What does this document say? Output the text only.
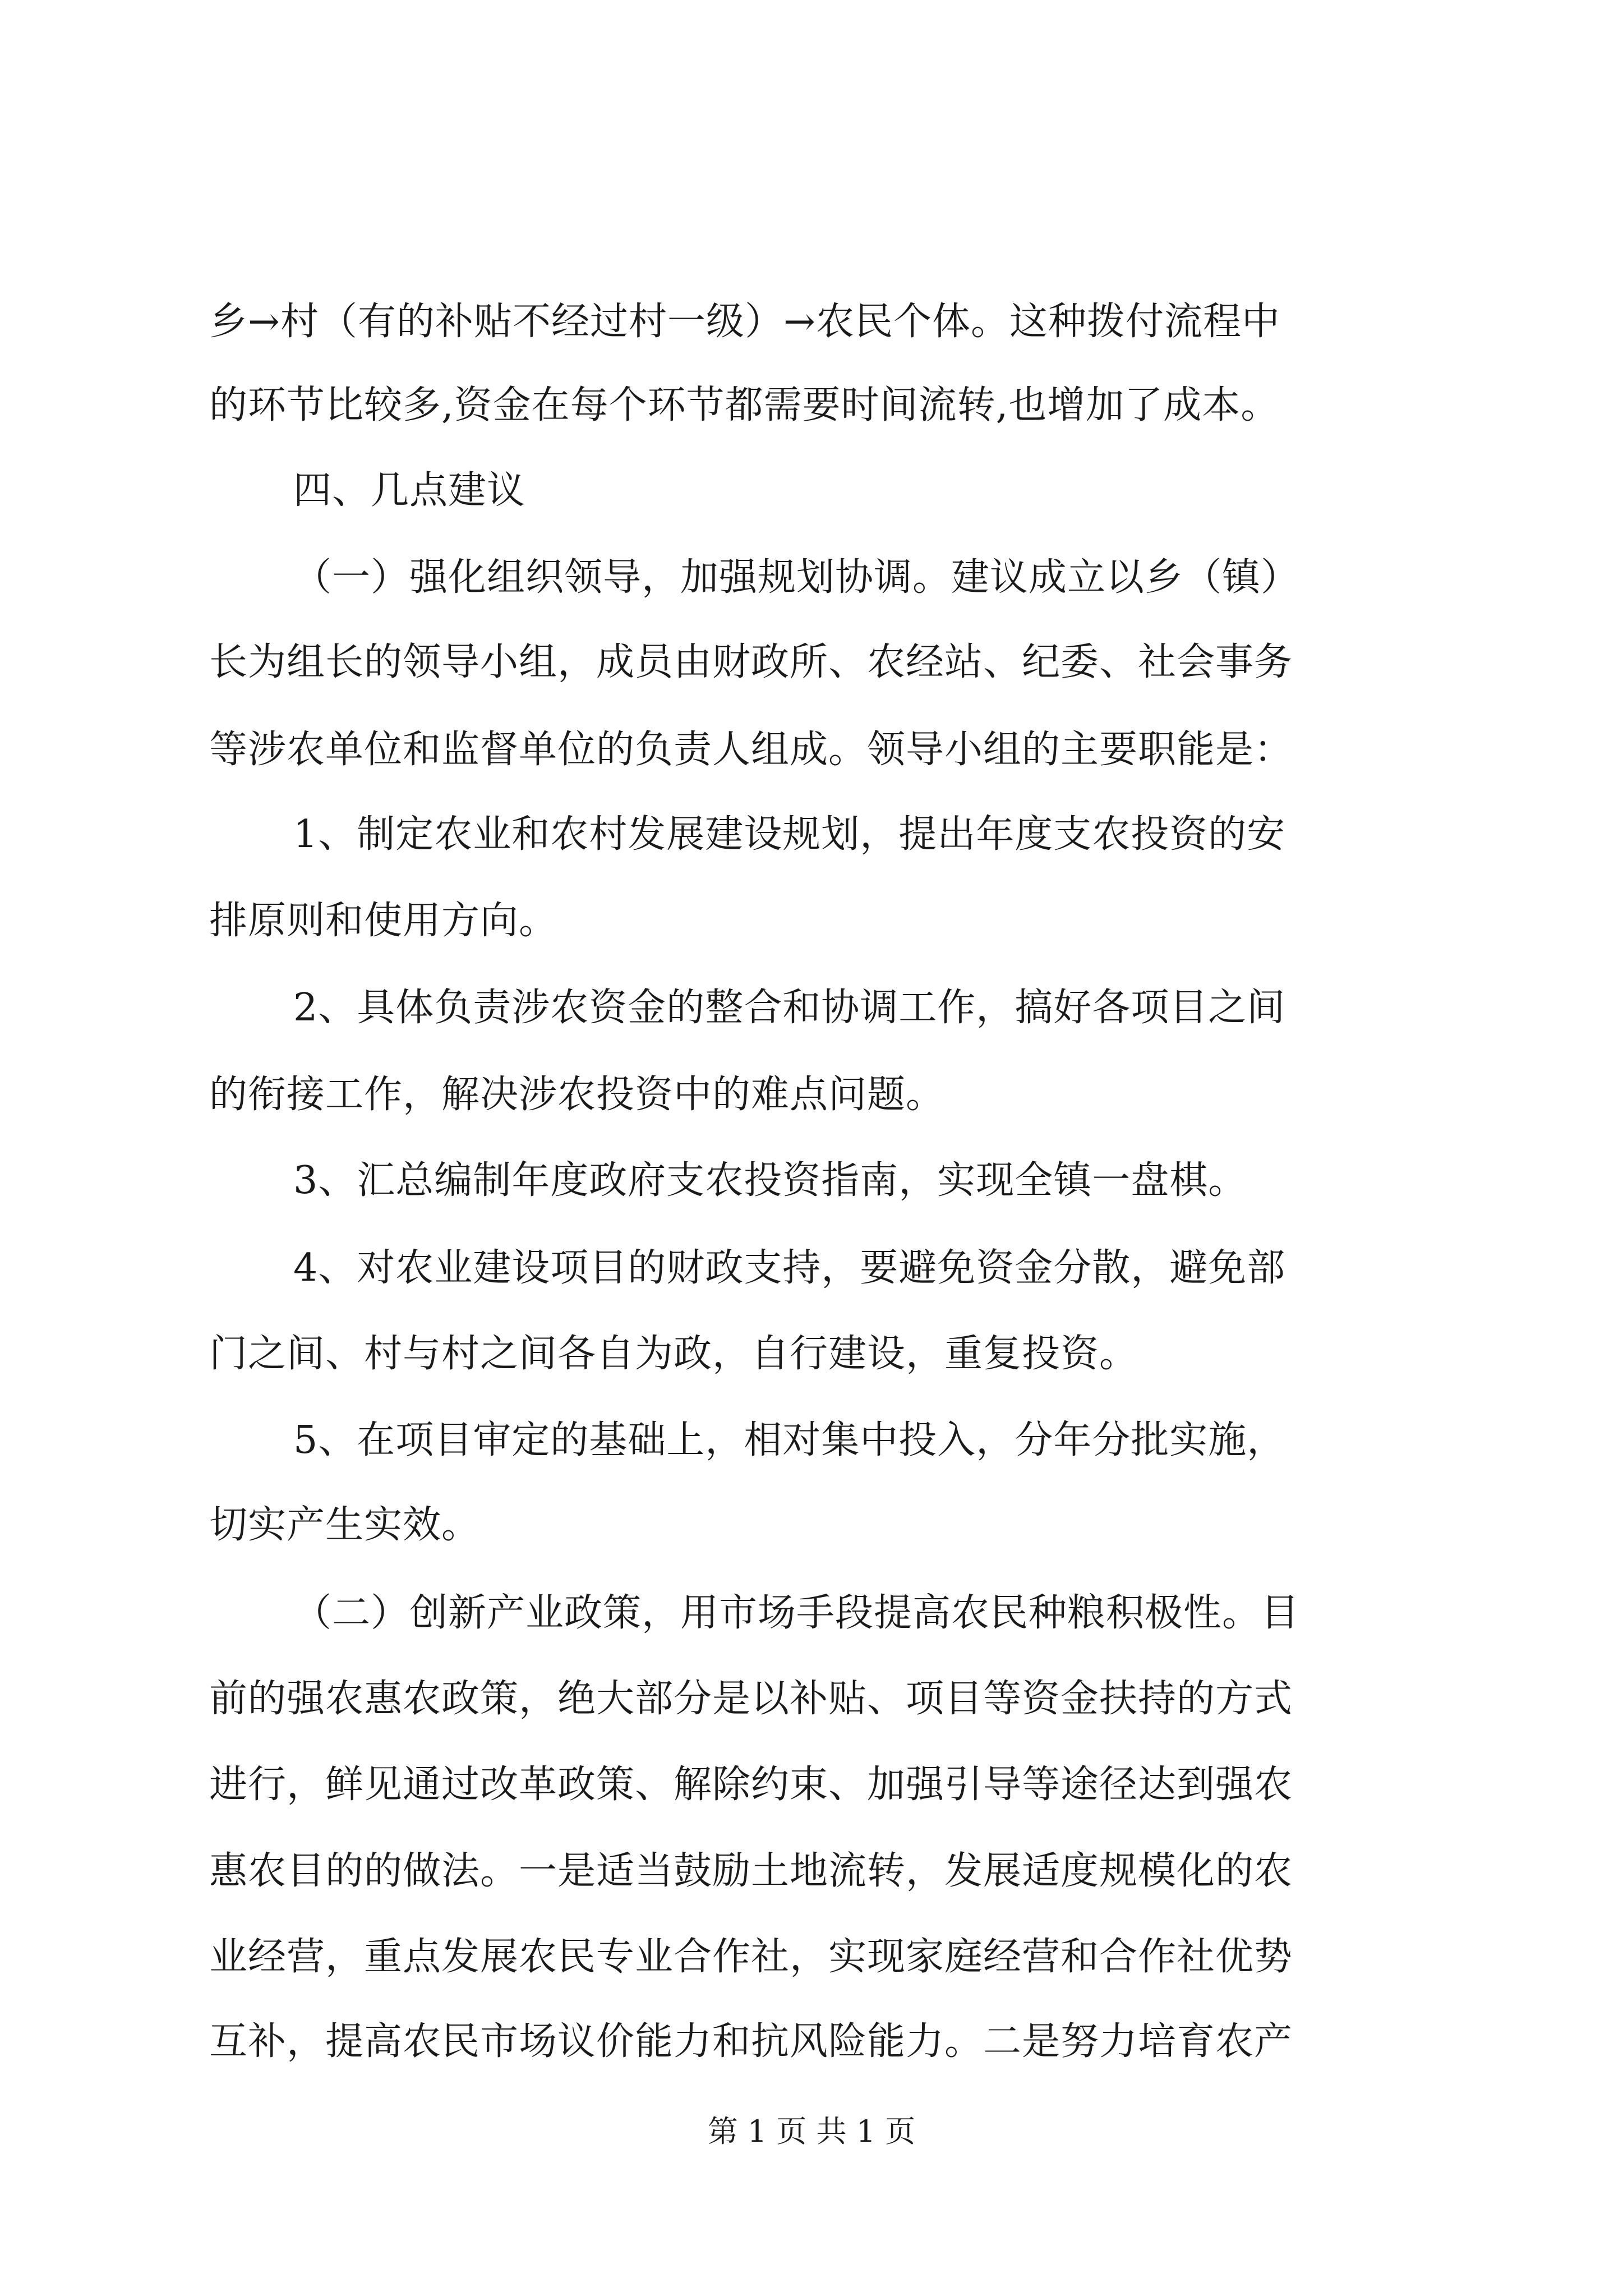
乡→村（有的补贴不经过村一级）→农民个体。这种拨付流程中
的环节比较多,资金在每个环节都需要时间流转,也增加了成本。
四、几点建议
（一）强化组织领导，加强规划协调。建议成立以乡（镇）
长为组长的领导小组，成员由财政所、农经站、纪委、社会事务
等涉农单位和监督单位的负责人组成。领导小组的主要职能是：
1、制定农业和农村发展建设规划，提出年度支农投资的安
排原则和使用方向。
2、具体负责涉农资金的整合和协调工作，搞好各项目之间
的衔接工作，解决涉农投资中的难点问题。
3、汇总编制年度政府支农投资指南，实现全镇一盘棋。
4、对农业建设项目的财政支持，要避免资金分散，避免部
门之间、村与村之间各自为政，自行建设，重复投资。
5、在项目审定的基础上，相对集中投入，分年分批实施，
切实产生实效。
（二）创新产业政策，用市场手段提高农民种粮积极性。目
前的强农惠农政策，绝大部分是以补贴、项目等资金扶持的方式
进行，鲜见通过改革政策、解除约束、加强引导等途径达到强农
惠农目的的做法。一是适当鼓励土地流转，发展适度规模化的农
业经营，重点发展农民专业合作社，实现家庭经营和合作社优势
互补，提高农民市场议价能力和抗风险能力。二是努力培育农产
第 1 页 共 1 页
